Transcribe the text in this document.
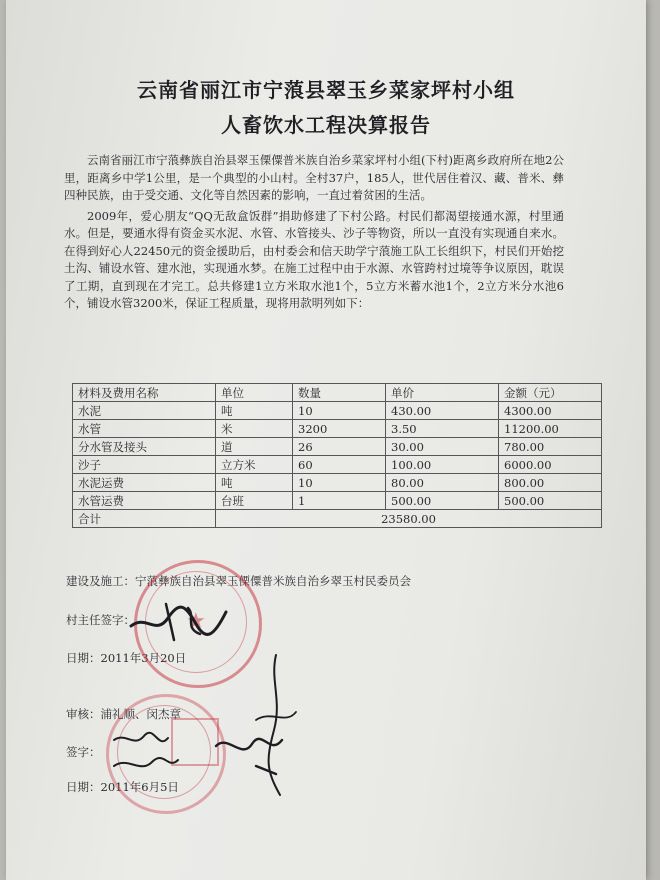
云南省丽江市宁蒗县翠玉乡菜家坪村小组
人畜饮水工程决算报告

云南省丽江市宁蒗彝族自治县翠玉傈僳普米族自治乡菜家坪村小组(下村)距离乡政府所在地2公里，距离乡中学1公里，是一个典型的小山村。全村37户，185人，世代居住着汉、藏、普米、彝四种民族，由于受交通、文化等自然因素的影响，一直过着贫困的生活。

2009年，爱心朋友“QQ无敌盒饭群”捐助修建了下村公路。村民们都渴望接通水源，村里通水。但是，要通水得有资金买水泥、水管、水管接头、沙子等物资，所以一直没有实现通自来水。在得到好心人22450元的资金援助后，由村委会和信天助学宁蒗施工队工长组织下，村民们开始挖土沟、铺设水管、建水池，实现通水梦。在施工过程中由于水源、水管跨村过境等争议原因，耽误了工期，直到现在才完工。总共修建1立方米取水池1个，5立方米蓄水池1个，2立方米分水池6个，铺设水管3200米，保证工程质量，现将用款明列如下：

材料及费用名称	单位	数量	单价	金额（元）
水泥	吨	10	430.00	4300.00
水管	米	3200	3.50	11200.00
分水管及接头	道	26	30.00	780.00
沙子	立方米	60	100.00	6000.00
水泥运费	吨	10	80.00	800.00
水管运费	台班	1	500.00	500.00
合计	23580.00			
建设及施工：宁蒗彝族自治县翠玉傈僳普米族自治乡翠玉村民委员会
村主任签字：
日期：2011年3月20日
审核：浦礼顺、闵杰章
签字：
日期：2011年6月5日
★
